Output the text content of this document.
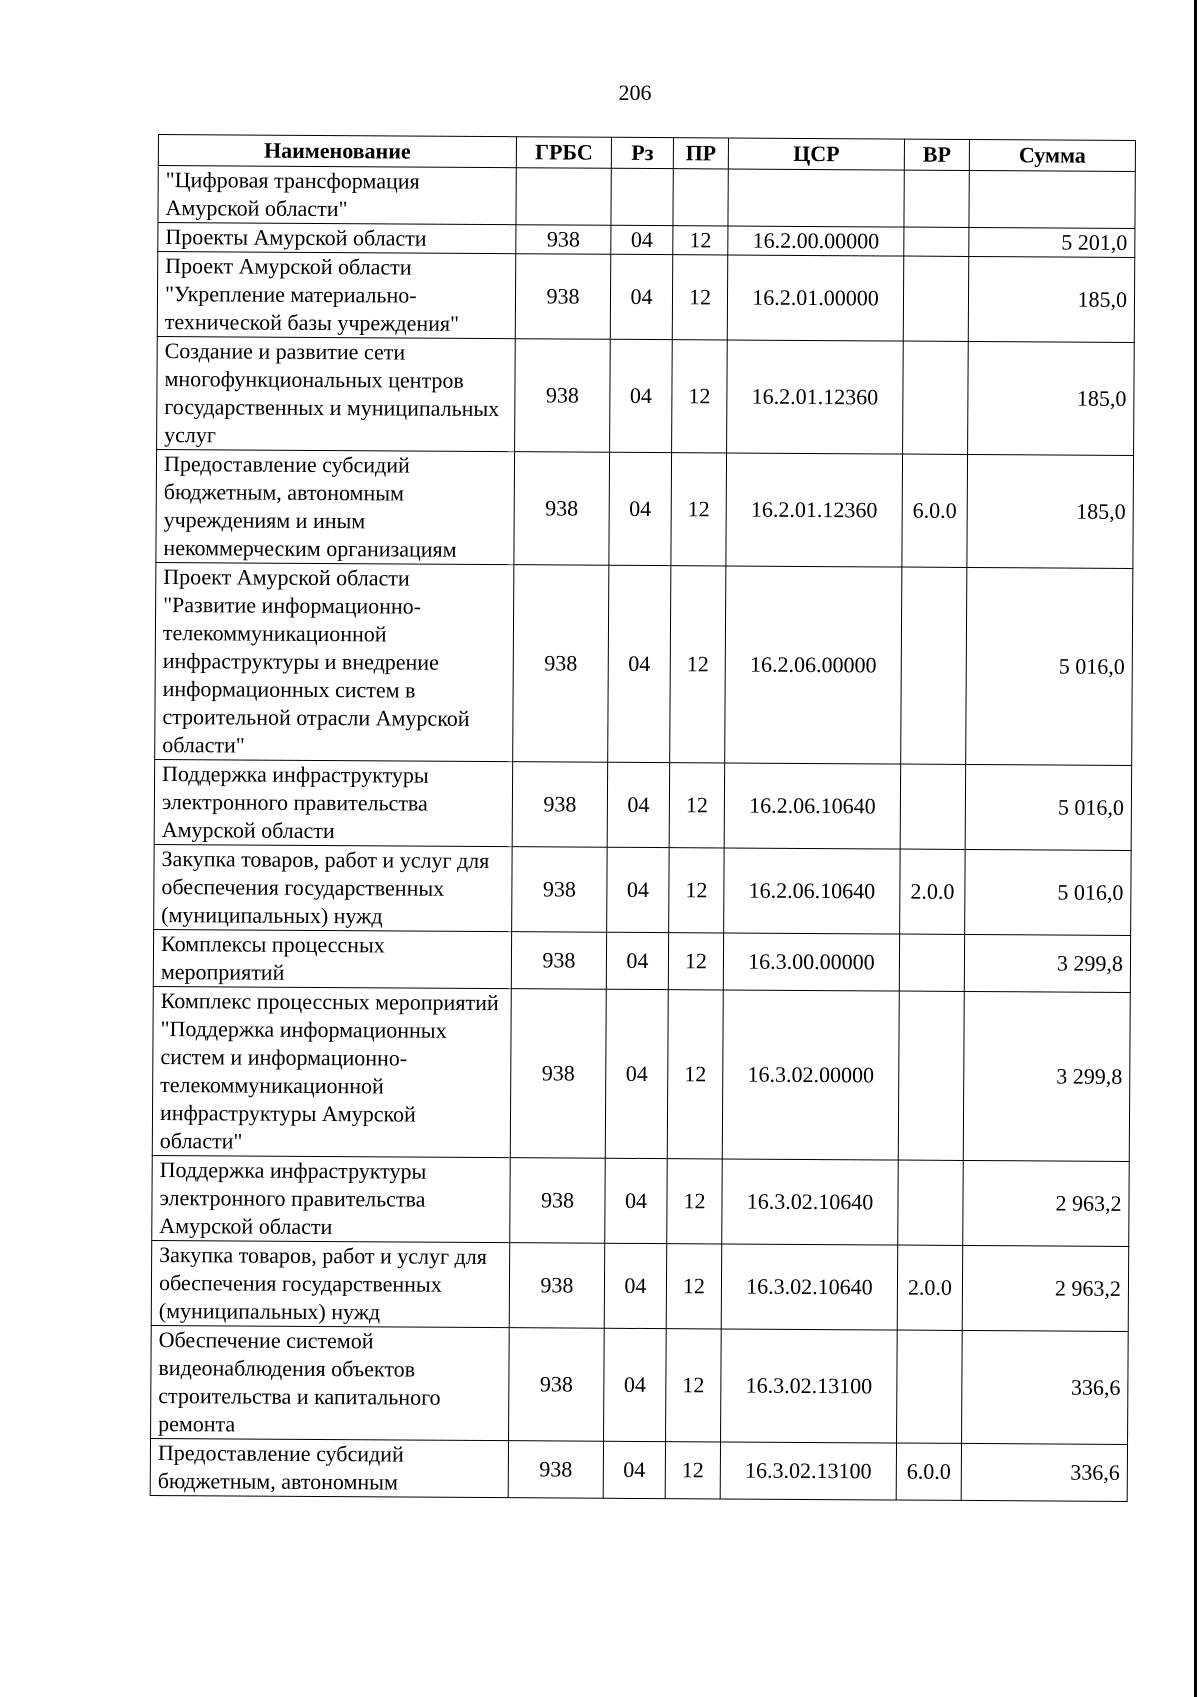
206
Наименование	ГРБС	Рз	ПР	ЦСР	ВР	Сумма
"Цифровая трансформация Амурской области"						
Проекты Амурской области	938	04	12	16.2.00.00000		5 201,0
Проект Амурской области "Укрепление материально-технической базы учреждения"	938	04	12	16.2.01.00000		185,0
Создание и развитие сети многофункциональных центров государственных и муниципальных услуг	938	04	12	16.2.01.12360		185,0
Предоставление субсидий бюджетным, автономным учреждениям и иным некоммерческим организациям	938	04	12	16.2.01.12360	6.0.0	185,0
Проект Амурской области "Развитие информационно-телекоммуникационной инфраструктуры и внедрение информационных систем в строительной отрасли Амурской области"	938	04	12	16.2.06.00000		5 016,0
Поддержка инфраструктуры электронного правительства Амурской области	938	04	12	16.2.06.10640		5 016,0
Закупка товаров, работ и услуг для обеспечения государственных (муниципальных) нужд	938	04	12	16.2.06.10640	2.0.0	5 016,0
Комплексы процессных мероприятий	938	04	12	16.3.00.00000		3 299,8
Комплекс процессных мероприятий "Поддержка информационных систем и информационно-телекоммуникационной инфраструктуры Амурской области"	938	04	12	16.3.02.00000		3 299,8
Поддержка инфраструктуры электронного правительства Амурской области	938	04	12	16.3.02.10640		2 963,2
Закупка товаров, работ и услуг для обеспечения государственных (муниципальных) нужд	938	04	12	16.3.02.10640	2.0.0	2 963,2
Обеспечение системой видеонаблюдения объектов строительства и капитального ремонта	938	04	12	16.3.02.13100		336,6
Предоставление субсидий бюджетным, автономным	938	04	12	16.3.02.13100	6.0.0	336,6
